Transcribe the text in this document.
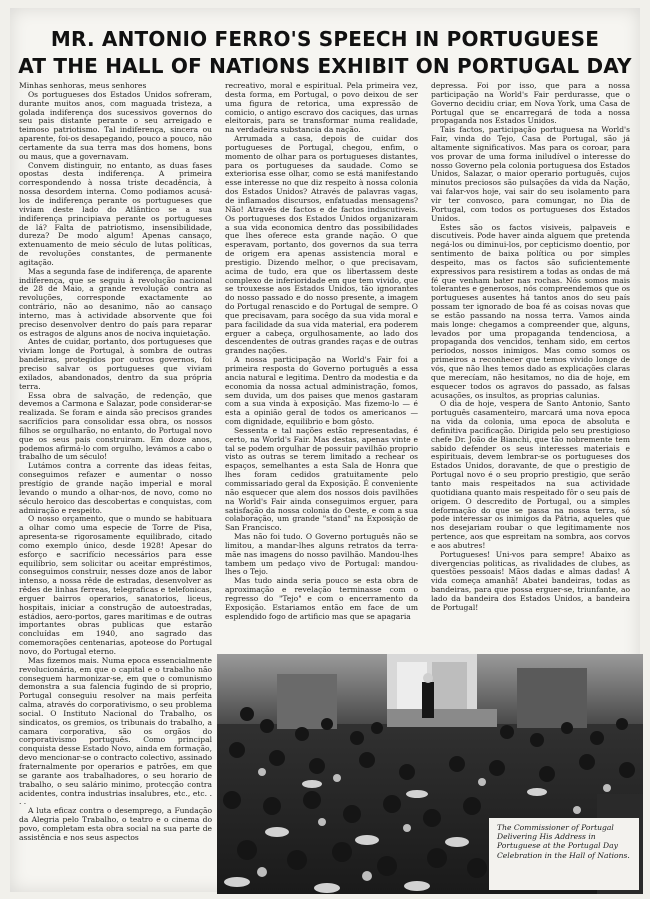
MR. ANTONIO FERRO'S SPEECH IN PORTUGUESE
AT THE HALL OF NATIONS EXHIBIT ON PORTUGAL DAY

Minhas senhoras, meus senhores

Os portugueses dos Estados Unidos sofreram, durante muitos anos, com maguada tristeza, a golada indiferença dos sucessivos governos do seu pais distante perante o seu arreigado e teimoso patriotismo. Tal indiferença, sincera ou aparente, foi-os desapegando, pouco a pouco, não certamente da sua terra mas dos homens, bons ou maus, que a governavam.

Convem distinguir, no entanto, as duas fases opostas desta indiferença. A primeira correspondendo à nossa triste decadência, à nossa desordem interna. Como podiamos acusá-los de indiferença perante os portugueses que viviam deste lado do Atlântico se a sua indiferença principiava perante os portugueses de lá? Falta de patriotismo, insensibilidade, dureza? De modo algum! Apenas cansaço, extenuamento de meio século de lutas políticas, de revoluções constantes, de permanente agitação.

Mas a segunda fase de indiferença, de aparente indiferença, que se seguiu à revolução nacional de 28 de Maio, a grande revolução contra as revoluções, corresponde exactamente ao contrário, não ao desanimo, não ao cansaço interno, mas à actividade absorvente que foi preciso desenvolver dentro do país para reparar os estragos de alguns anos de nociva inquietação.

Antes de cuidar, portanto, dos portugueses que viviam longe de Portugal, à sombra de outras bandeiras, protegidos por outros governos, foi preciso salvar os portugueses que viviam exilados, abandonados, dentro da sua própria terra.

Essa obra de salvação, de redenção, que devemos a Carmona e Salazar, pode considerar-se realizada. Se foram e ainda são precisos grandes sacrifícios para consolidar essa obra, os nossos filhos se orgulharão, no entanto, do Portugal novo que os seus pais construiram. Em doze anos, podemos afirmá-lo com orgulho, levámos a cabo o trabalho de um século!

Lutámos contra a corrente das ideas feitas, conseguimos refazer e aumentar o nosso prestígio de grande nação imperial e moral levando o mundo a olhar-nos, de novo, como no século heroico das descobertas e conquistas, com admiração e respeito.

O nosso orçamento, que o mundo se habituara a olhar como uma especie de Torre de Pisa, apresenta-se rigorosamente equilibrado, citado como exemplo único, desde 1928! Apesar do esforço e sacrifício necessários para esse equilíbrio, sem solicitar ou aceitar empréstimos, conseguimos construir, nesses doze anos de labor intenso, a nossa rêde de estradas, desenvolver as rêdes de linhas ferreas, telegraficas e telefonicas, erguer bairros operarios, sanatorios, liceus, hospitais, iniciar a construção de autoestradas, estádios, aero-portos, gares maritimas e de outras importantes obras publicas que estarão concluídas em 1940, ano sagrado das comemorações centenarias, apoteose do Portugal novo, do Portugal eterno.

Mas fizemos mais. Numa epoca essencialmente revolucionária, em que o capital e o trabalho não conseguem harmonizar-se, em que o comunismo demonstra a sua falencia fugindo de si proprio, Portugal conseguiu resolver na mais perfeita calma, através do corporativismo, o seu problema social. O Instituto Nacional do Trabalho, os sindicatos, os gremios, os tribunais do trabalho, a camara corporativa, são os orgãos do corporativismo português. Como principal conquista desse Estado Novo, ainda em formação, devo mencionar-se o contracto colectivo, assinado fraternalmente por operarios e patrões, em que se garante aos trabalhadores, o seu horario de trabalho, o seu salário minimo, protecção contra acidentes, contra industrias insalubres, etc., etc. . . .

A luta eficaz contra o desemprego, a Fundação da Alegria pelo Trabalho, o teatro e o cinema do povo, completam esta obra social na sua parte de assistência e nos seus aspectos

recreativo, moral e espiritual. Pela primeira vez, desta forma, em Portugal, o povo deixou de ser uma figura de retorica, uma expressão de comicio, o antigo escravo dos caciques, das urnas eleitorais, para se transformar numa realidade, na verdadeira substancia da nação.

Arrumada a casa, depois de cuidar dos portugueses de Portugal, chegou, enfim, o momento de olhar para os portugueses distantes, para os portugueses da saudade. Como se exteriorisa esse olhar, como se está manifestando esse interesse no que diz respeito à nossa colonia dos Estados Unidos? Através de palavras vagas, de inflamados discursos, enfatuadas mensagens? Não! Através de factos e de factos indiscutiveis. Os portugueses dos Estados Unidos organizaram a sua vida economica dentro das possibilidades que lhes oferece esta grande nação. O que esperavam, portanto, dos governos da sua terra de origem era apenas assistencia moral e prestigio. Dizendo melhor, o que precisavam, acima de tudo, era que os libertassem deste complexo de inferioridade em que tem vivido, que se trouxesse aos Estados Unidos, tão ignorantes do nosso passado e do nosso presente, a imagem do Portugal renascido e do Portugal de sempre. O que precisavam, para socêgo da sua vida moral e para facilidade da sua vida material, era poderem erguer a cabeça, orgulhosamente, ao lado dos descendentes de outras grandes raças e de outras grandes nações.

A nossa participação na World's Fair foi a primeira resposta do Governo português a essa ancia natural e legitima. Dentro da modestia e da economia da nossa actual administração, fomos, sem duvida, um dos paises que menos gastaram com a sua vinda à exposição. Mas fizemo-lo — é esta a opinião geral de todos os americanos — com dignidade, equilibrio e bom gôsto.

Sessenta e tal nações estão representadas, é certo, na World's Fair. Mas destas, apenas vinte e tal se podem orgulhar de possuir pavilhão proprio visto as outras se terem limitado a rechear os espaços, semelhantes a esta Sala de Honra que lhes foram cedidos gratuitamente pelo commissariado geral da Exposição. É conveniente não esquecer que alem dos nossos dois pavilhões na World's Fair ainda conseguimos erguer, para satisfação da nossa colonia do Oeste, e com a sua colaboração, um grande "stand" na Exposição de San Francisco.

Mas não foi tudo. O Governo português não se limitou, a mandar-lhes alguns retratos da terra-mãe nas imagens do nosso pavilhão. Mandou-lhes tambem um pedaço vivo de Portugal: mandou-lhes o Tejo.

Mas tudo ainda seria pouco se esta obra de aproximação e revelação terminasse com o regresso do "Tejo" e com o encerramento da Exposição. Estariamos então em face de um esplendido fogo de artificio mas que se apagaria

depressa. Foi por isso, que para a nossa participação na World's Fair perdurasse, que o Governo decidiu criar, em Nova York, uma Casa de Portugal que se encarregará de toda a nossa propaganda nos Estados Unidos.

Tais factos, participação portuguesa na World's Fair, vinda do Tejo, Casa de Portugal, são já altamente significativos. Mas para os coroar, para vos provar de uma forma iniludível o interesse do nosso Governo pela colonia portuguesa dos Estados Unidos, Salazar, o maior operario português, cujos minutos preciosos são pulsações da vida da Nação, vai falar-vos hoje, vai sair do seu isolamento para vir ter convosco, para comungar, no Dia de Portugal, com todos os portugueses dos Estados Unidos.

Estes são os factos visiveis, palpaveis e discutiveis. Pode haver ainda alguem que pretenda negá-los ou diminui-los, por cepticismo doentio, por sentimento de baixa política ou por simples despeito, mas os factos são suficientemente expressivos para resistirem a todas as ondas de má fé que venham bater nas rochas. Nós somos mais tolerantes e generosos, nós compreendemos que os portugueses ausentes há tantos anos do seu país possam ter ignorado de boa fé as coisas novas que se estão passando na nossa terra. Vamos ainda mais longe: chegamos a compreender que, alguns, levados por uma propaganda tendenciosa, a propaganda dos vencidos, tenham sido, em certos periodos, nossos inimigos. Mas como somos os primeiros a reconhecer que temos vivido longe de vós, que não lhes temos dado as explicações claras que merecíam, não hesitamos, no dia de hoje, em esquecer todos os agravos do passado, as falsas acusações, os insultos, as proprias calunias.

O dia de hoje, vespera de Santo Antonio, Santo português casamenteiro, marcará uma nova epoca na vida da colonia, uma epoca de absoluta e definitiva pacificação. Dirigida pelo seu prestigioso chefe Dr. João de Bianchi, que tão nobremente tem sabido defender os seus interesses materiais e espirituais, devem lembrar-se os portugueses dos Estados Unidos, doravante, de que o prestigio de Portugal novo é o seu proprio prestigio, que serão tanto mais respeitados na sua actividade quotidiana quanto mais respeitado fôr o seu país de origem. O descredito de Portugal, ou a simples deformação do que se passa na nossa terra, só pode interessar os inimigos da Pátria, aqueles que nos desejariam roubar o que legitimamente nos pertence, aos que espreitam na sombra, aos corvos e aos abutres!

Portugueses! Uni-vos para sempre! Abaixo as divergencias politicas, as rivalidades de clubes, as questões pessoais! Mãos dadas e almas dadas! A vida começa amanhã! Abatei bandeiras, todas as bandeiras, para que possa erguer-se, triunfante, ao lado da bandeira dos Estados Unidos, a bandeira de Portugal!

The Commissioner of Portugal Delivering His Address in Portuguese at the Portugal Day Celebration in the Hall of Nations.
